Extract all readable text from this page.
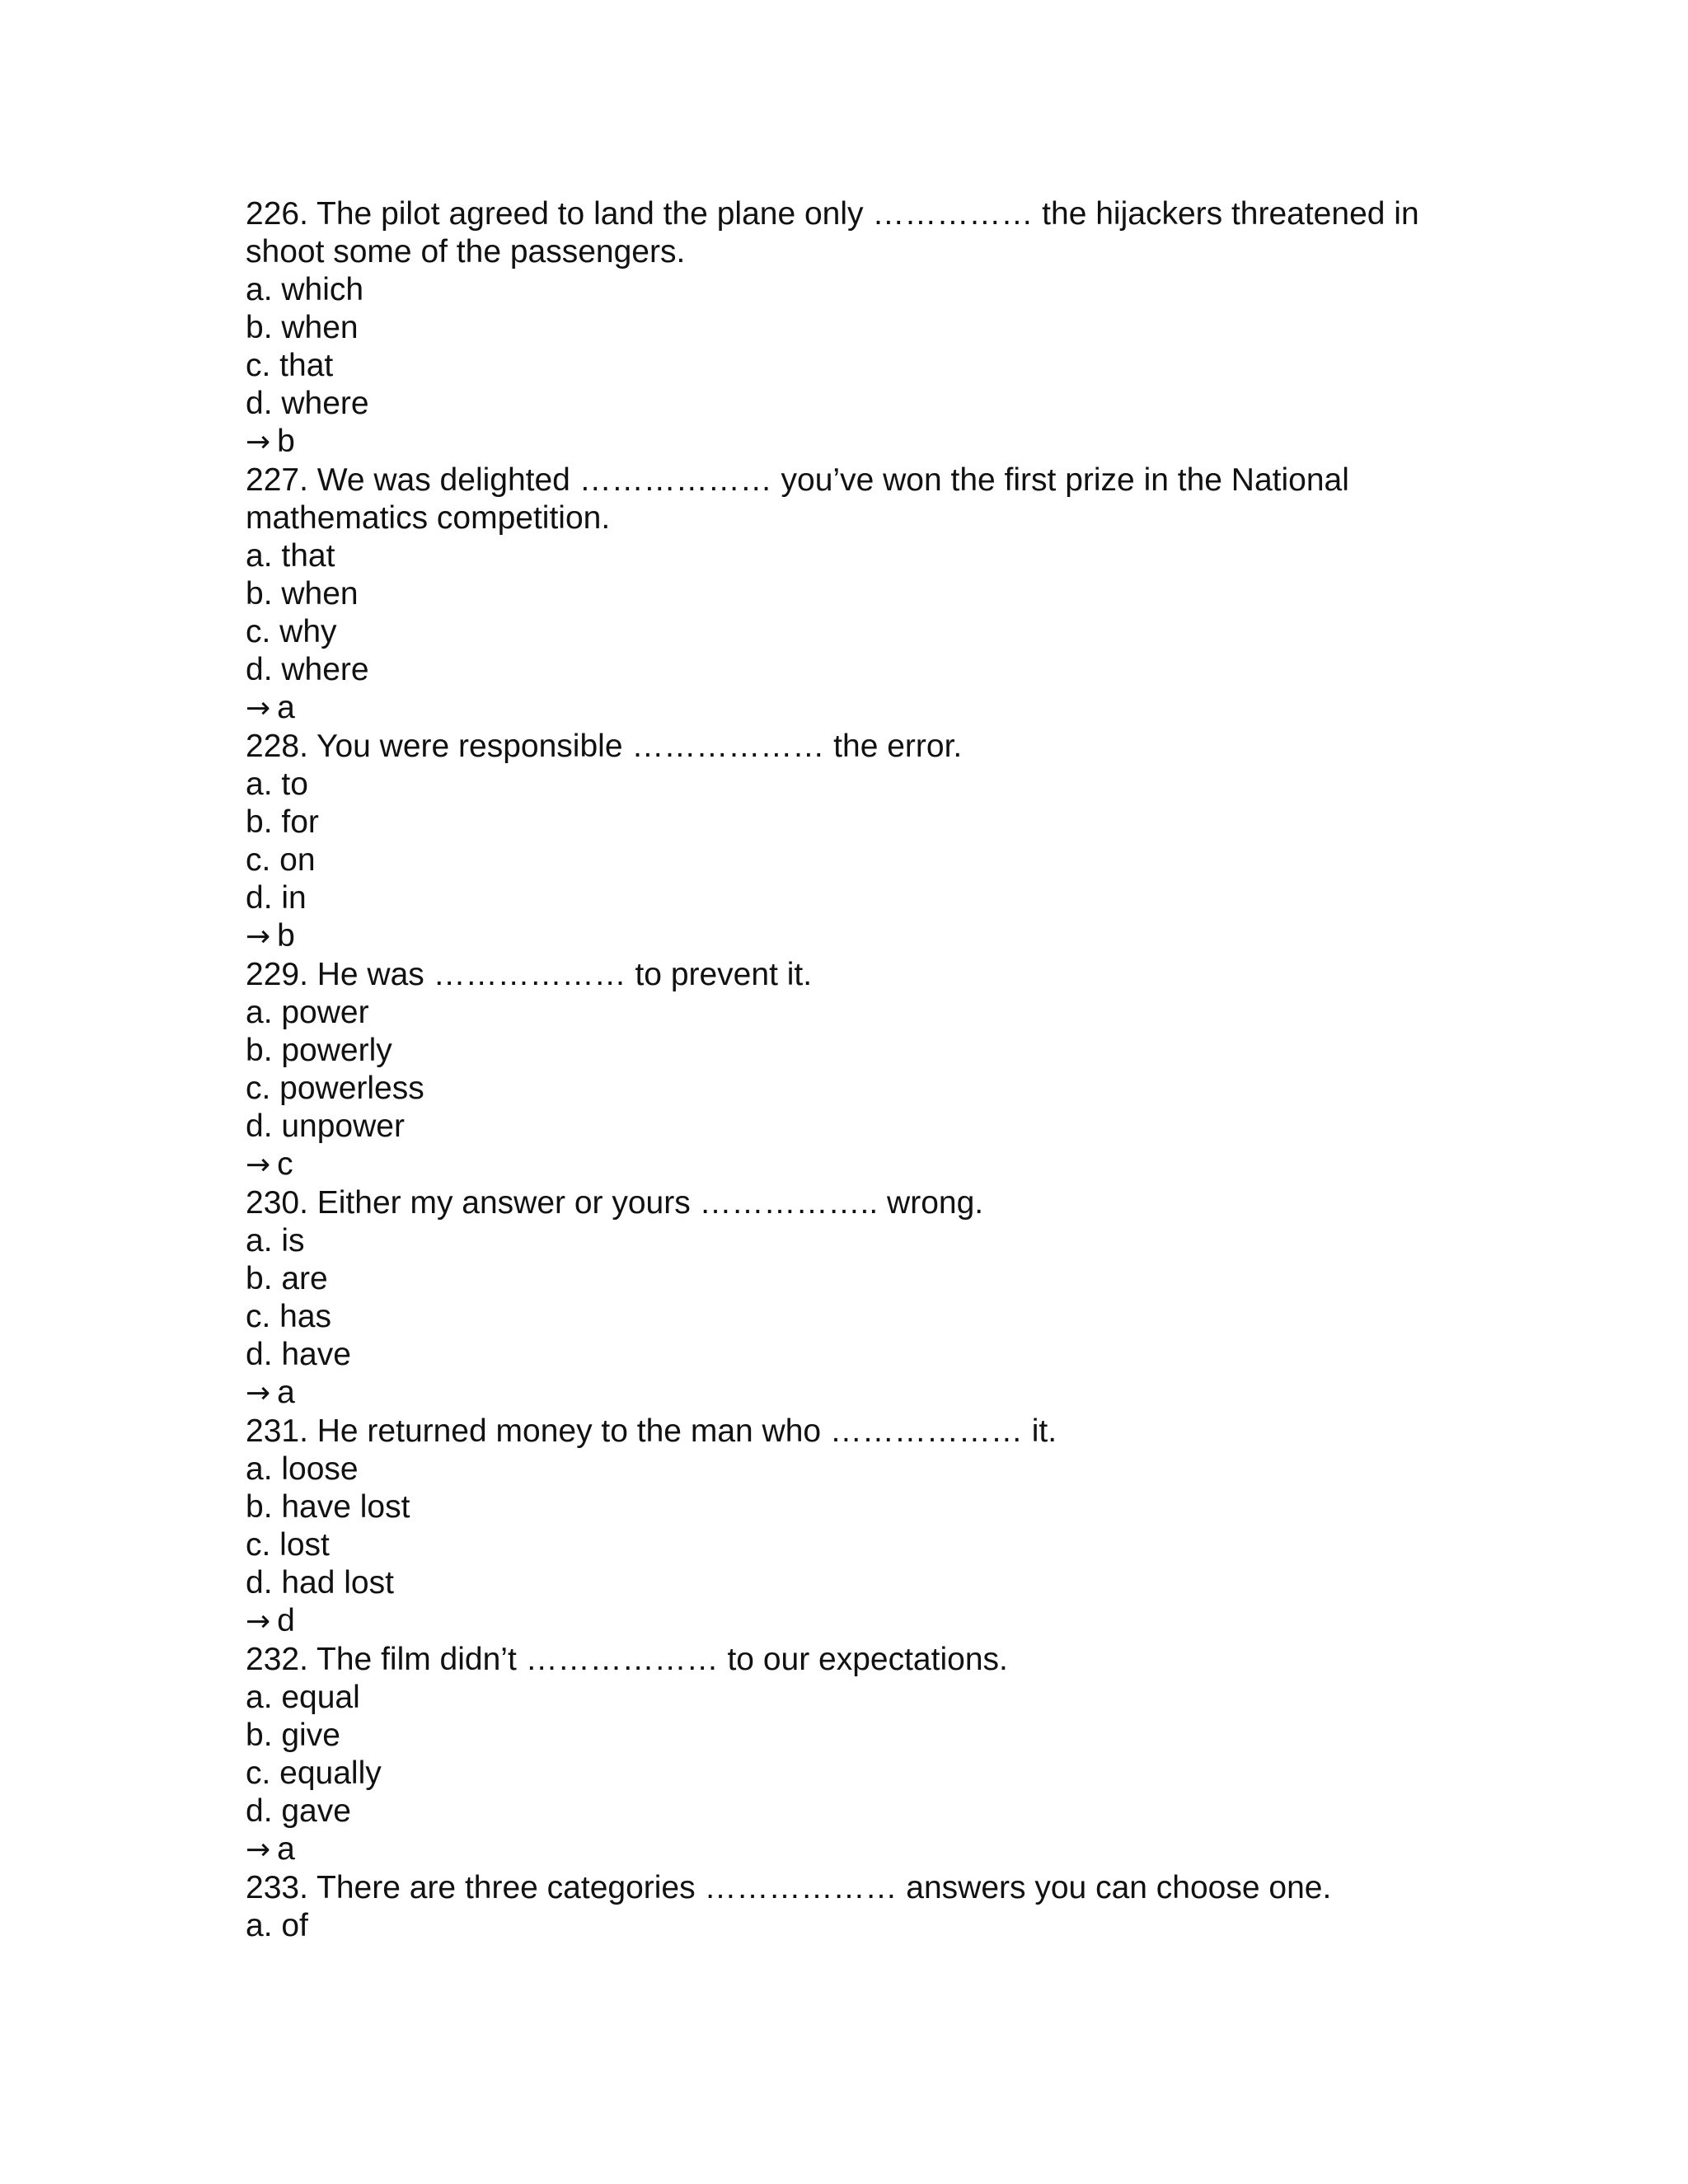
226. The pilot agreed to land the plane only …………… the hijackers threatened in shoot some of the passengers.
a. which
b. when
c. that
d. where
→ b
227. We was delighted ……………… you’ve won the first prize in the National mathematics competition.
a. that
b. when
c. why
d. where
→ a
228. You were responsible ……………… the error.
a. to
b. for
c. on
d. in
→ b
229. He was ……………… to prevent it.
a. power
b. powerly
c. powerless
d. unpower
→ c
230. Either my answer or yours …………….. wrong.
a. is
b. are
c. has
d. have
→ a
231. He returned money to the man who ……………… it.
a. loose
b. have lost
c. lost
d. had lost
→ d
232. The film didn’t ……………… to our expectations.
a. equal
b. give
c. equally
d. gave
→ a
233. There are three categories ……………… answers you can choose one.
a. of
